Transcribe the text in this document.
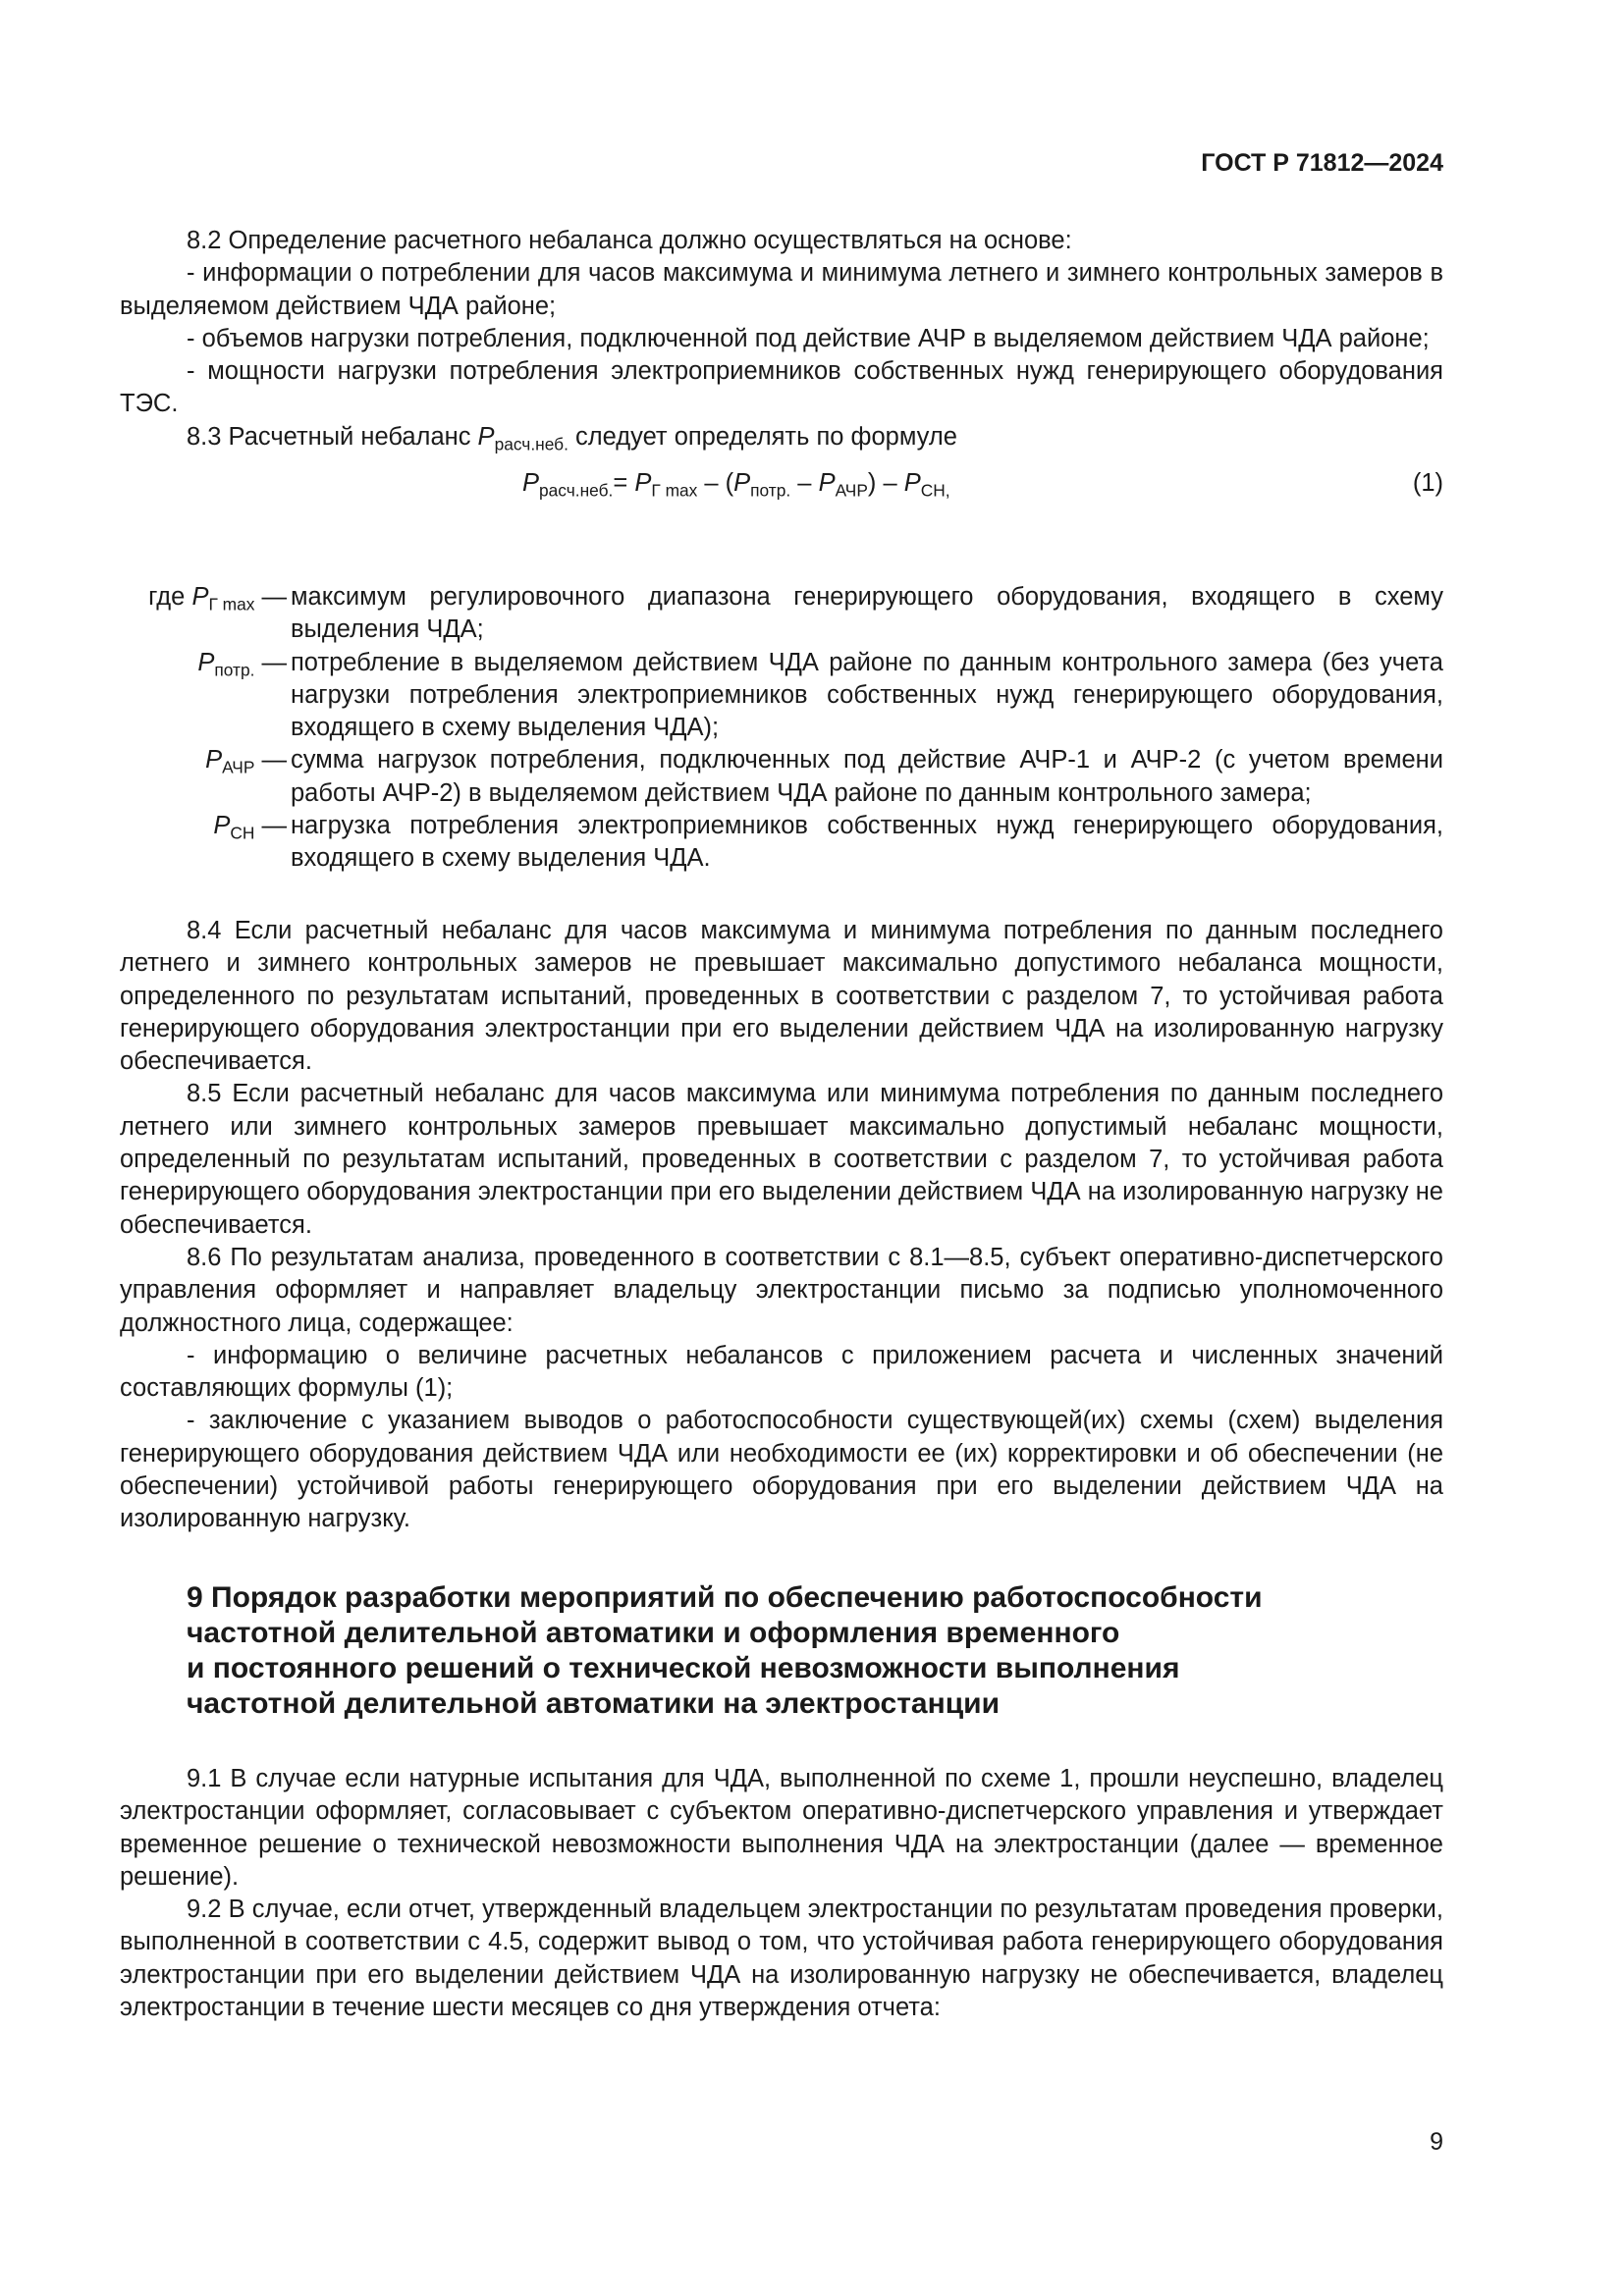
ГОСТ Р 71812—2024

8.2 Определение расчетного небаланса должно осуществляться на основе:

- информации о потреблении для часов максимума и минимума летнего и зимнего контрольных замеров в выделяемом действием ЧДА районе;

- объемов нагрузки потребления, подключенной под действие АЧР в выделяемом действием ЧДА районе;

- мощности нагрузки потребления электроприемников собственных нужд генерирующего оборудования ТЭС.

8.3 Расчетный небаланс $P_{расч.неб.}$ следует определять по формуле

$P_{расч.неб.}= P_{Г max} - (P_{потр.} - P_{АЧР}) - P_{СН,}$	(1)
где $P_{Г max}$ — максимум регулировочного диапазона генерирующего оборудования, входящего в схему выделения ЧДА;
$P_{потр.}$ — потребление в выделяемом действием ЧДА районе по данным контрольного замера (без учета нагрузки потребления электроприемников собственных нужд генерирующего оборудования, входящего в схему выделения ЧДА);
$P_{АЧР}$ — сумма нагрузок потребления, подключенных под действие АЧР-1 и АЧР-2 (с учетом времени работы АЧР-2) в выделяемом действием ЧДА районе по данным контрольного замера;
$P_{СН}$ — нагрузка потребления электроприемников собственных нужд генерирующего оборудования, входящего в схему выделения ЧДА.

8.4 Если расчетный небаланс для часов максимума и минимума потребления по данным последнего летнего и зимнего контрольных замеров не превышает максимально допустимого небаланса мощности, определенного по результатам испытаний, проведенных в соответствии с разделом 7, то устойчивая работа генерирующего оборудования электростанции при его выделении действием ЧДА на изолированную нагрузку обеспечивается.

8.5 Если расчетный небаланс для часов максимума или минимума потребления по данным последнего летнего или зимнего контрольных замеров превышает максимально допустимый небаланс мощности, определенный по результатам испытаний, проведенных в соответствии с разделом 7, то устойчивая работа генерирующего оборудования электростанции при его выделении действием ЧДА на изолированную нагрузку не обеспечивается.

8.6 По результатам анализа, проведенного в соответствии с 8.1—8.5, субъект оперативно-диспетчерского управления оформляет и направляет владельцу электростанции письмо за подписью уполномоченного должностного лица, содержащее:

- информацию о величине расчетных небалансов с приложением расчета и численных значений составляющих формулы (1);

- заключение с указанием выводов о работоспособности существующей(их) схемы (схем) выделения генерирующего оборудования действием ЧДА или необходимости ее (их) корректировки и об обеспечении (не обеспечении) устойчивой работы генерирующего оборудования при его выделении действием ЧДА на изолированную нагрузку.

9 Порядок разработки мероприятий по обеспечению работоспособности
частотной делительной автоматики и оформления временного
и постоянного решений о технической невозможности выполнения
частотной делительной автоматики на электростанции

9.1 В случае если натурные испытания для ЧДА, выполненной по схеме 1, прошли неуспешно, владелец электростанции оформляет, согласовывает с субъектом оперативно-диспетчерского управления и утверждает временное решение о технической невозможности выполнения ЧДА на электростанции (далее — временное решение).

9.2 В случае, если отчет, утвержденный владельцем электростанции по результатам проведения проверки, выполненной в соответствии с 4.5, содержит вывод о том, что устойчивая работа генерирующего оборудования электростанции при его выделении действием ЧДА на изолированную нагрузку не обеспечивается, владелец электростанции в течение шести месяцев со дня утверждения отчета:

9
